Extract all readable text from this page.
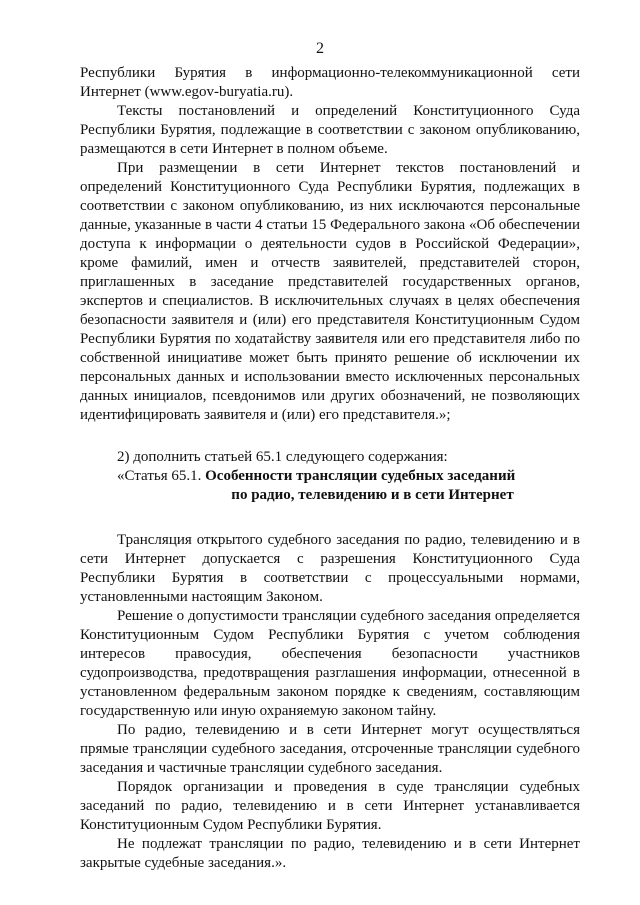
2

Республики Бурятия в информационно-телекоммуникационной сети Интернет (www.egov-buryatia.ru).

Тексты постановлений и определений Конституционного Суда Республики Бурятия, подлежащие в соответствии с законом опубликованию, размещаются в сети Интернет в полном объеме.

При размещении в сети Интернет текстов постановлений и определений Конституционного Суда Республики Бурятия, подлежащих в соответствии с законом опубликованию, из них исключаются персональные данные, указанные в части 4 статьи 15 Федерального закона «Об обеспечении доступа к информации о деятельности судов в Российской Федерации», кроме фамилий, имен и отчеств заявителей, представителей сторон, приглашенных в заседание представителей государственных органов, экспертов и специалистов. В исключительных случаях в целях обеспечения безопасности заявителя и (или) его представителя Конституционным Судом Республики Бурятия по ходатайству заявителя или его представителя либо по собственной инициативе может быть принято решение об исключении их персональных данных и использовании вместо исключенных персональных данных инициалов, псевдонимов или других обозначений, не позволяющих идентифицировать заявителя и (или) его представителя.»;

2) дополнить статьей 65.1 следующего содержания:

«Статья 65.1. Особенности трансляции судебных заседаний
по радио, телевидению и в сети Интернет

Трансляция открытого судебного заседания по радио, телевидению и в сети Интернет допускается с разрешения Конституционного Суда Республики Бурятия в соответствии с процессуальными нормами, установленными настоящим Законом.

Решение о допустимости трансляции судебного заседания определяется Конституционным Судом Республики Бурятия с учетом соблюдения интересов правосудия, обеспечения безопасности участников судопроизводства, предотвращения разглашения информации, отнесенной в установленном федеральным законом порядке к сведениям, составляющим государственную или иную охраняемую законом тайну.

По радио, телевидению и в сети Интернет могут осуществляться прямые трансляции судебного заседания, отсроченные трансляции судебного заседания и частичные трансляции судебного заседания.

Порядок организации и проведения в суде трансляции судебных заседаний по радио, телевидению и в сети Интернет устанавливается Конституционным Судом Республики Бурятия.

Не подлежат трансляции по радио, телевидению и в сети Интернет закрытые судебные заседания.».
